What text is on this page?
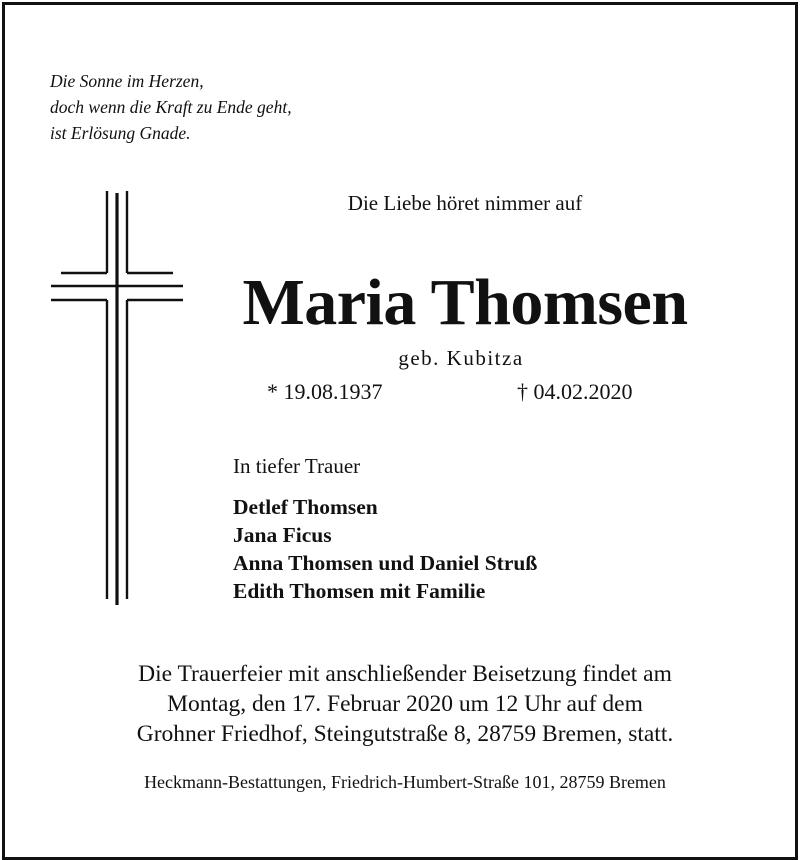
Die Sonne im Herzen,
doch wenn die Kraft zu Ende geht,
ist Erlösung Gnade.
Die Liebe höret nimmer auf
Maria Thomsen
geb. Kubitza
* 19.08.1937	† 04.02.2020
In tiefer Trauer
Detlef Thomsen
Jana Ficus
Anna Thomsen und Daniel Struß
Edith Thomsen mit Familie
Die Trauerfeier mit anschließender Beisetzung findet am
Montag, den 17. Februar 2020 um 12 Uhr auf dem
Grohner Friedhof, Steingutstraße 8, 28759 Bremen, statt.
Heckmann-Bestattungen, Friedrich-Humbert-Straße 101, 28759 Bremen
